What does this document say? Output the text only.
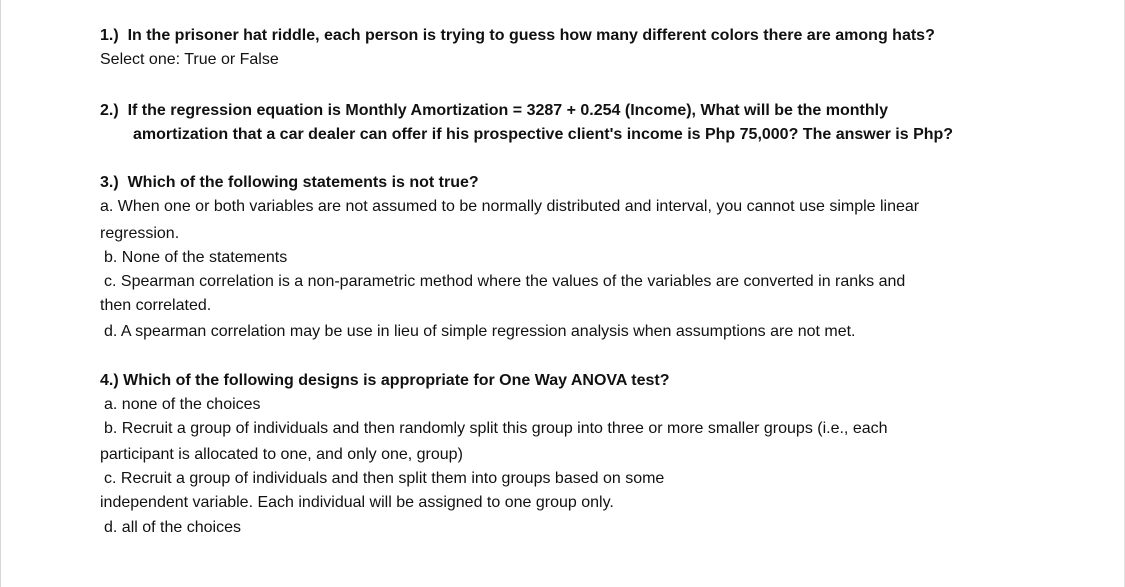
1.) In the prisoner hat riddle, each person is trying to guess how many different colors there are among hats?
Select one: True or False
2.) If the regression equation is Monthly Amortization = 3287 + 0.254 (Income), What will be the monthly
amortization that a car dealer can offer if his prospective client's income is Php 75,000? The answer is Php?
3.) Which of the following statements is not true?
a. When one or both variables are not assumed to be normally distributed and interval, you cannot use simple linear
regression.
b. None of the statements
c. Spearman correlation is a non-parametric method where the values of the variables are converted in ranks and
then correlated.
d. A spearman correlation may be use in lieu of simple regression analysis when assumptions are not met.
4.) Which of the following designs is appropriate for One Way ANOVA test?
a. none of the choices
b. Recruit a group of individuals and then randomly split this group into three or more smaller groups (i.e., each
participant is allocated to one, and only one, group)
c. Recruit a group of individuals and then split them into groups based on some
independent variable. Each individual will be assigned to one group only.
d. all of the choices
